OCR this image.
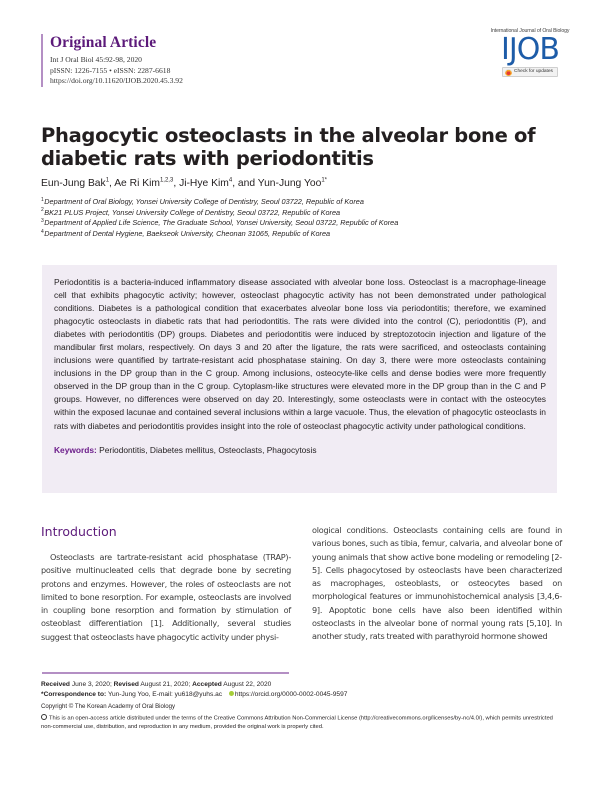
Original Article
Int J Oral Biol 45:92-98, 2020
pISSN: 1226-7155 • eISSN: 2287-6618
https://doi.org/10.11620/IJOB.2020.45.3.92
International Journal of Oral Biology
IJOB
Check for updates
Phagocytic osteoclasts in the alveolar bone of diabetic rats with periodontitis
Eun-Jung Bak$^1$, Ae Ri Kim$^{1,2,3}$, Ji-Hye Kim$^4$, and Yun-Jung Yoo$^{1*}$
$^1$Department of Oral Biology, Yonsei University College of Dentistry, Seoul 03722, Republic of Korea
$^2$BK21 PLUS Project, Yonsei University College of Dentistry, Seoul 03722, Republic of Korea
$^3$Department of Applied Life Science, The Graduate School, Yonsei University, Seoul 03722, Republic of Korea
$^4$Department of Dental Hygiene, Baekseok University, Cheonan 31065, Republic of Korea

Periodontitis is a bacteria-induced inflammatory disease associated with alveolar bone loss. Osteoclast is a macrophage-lineage cell that exhibits phagocytic activity; however, osteoclast phagocytic activity has not been demonstrated under pathological conditions. Diabetes is a pathological condition that exacerbates alveolar bone loss via periodontitis; therefore, we examined phagocytic osteoclasts in diabetic rats that had periodontitis. The rats were divided into the control (C), periodontitis (P), and diabetes with periodontitis (DP) groups. Diabetes and periodontitis were induced by streptozotocin injection and ligature of the mandibular first molars, respectively. On days 3 and 20 after the ligature, the rats were sacrificed, and osteoclasts containing inclusions were quantified by tartrate-resistant acid phosphatase staining. On day 3, there were more osteoclasts containing inclusions in the DP group than in the C group. Among inclusions, osteocyte-like cells and dense bodies were more frequently observed in the DP group than in the C group. Cytoplasm-like structures were elevated more in the DP group than in the C and P groups. However, no differences were observed on day 20. Interestingly, some osteoclasts were in contact with the osteocytes within the exposed lacunae and contained several inclusions within a large vacuole. Thus, the elevation of phagocytic osteoclasts in rats with diabetes and periodontitis provides insight into the role of osteoclast phagocytic activity under pathological conditions.

Keywords: Periodontitis, Diabetes mellitus, Osteoclasts, Phagocytosis

Introduction

Osteoclasts are tartrate-resistant acid phosphatase (TRAP)-positive multinucleated cells that degrade bone by secreting protons and enzymes. However, the roles of osteoclasts are not limited to bone resorption. For example, osteoclasts are involved in coupling bone resorption and formation by stimulation of osteoblast differentiation [1]. Additionally, several studies suggest that osteoclasts have phagocytic activity under physi-

ological conditions. Osteoclasts containing cells are found in various bones, such as tibia, femur, calvaria, and alveolar bone of young animals that show active bone modeling or remodeling [2-5]. Cells phagocytosed by osteoclasts have been characterized as macrophages, osteoblasts, or osteocytes based on morphological features or immunohistochemical analysis [3,4,6-9]. Apoptotic bone cells have also been identified within osteoclasts in the alveolar bone of normal young rats [5,10]. In another study, rats treated with parathyroid hormone showed

Received June 3, 2020; Revised August 21, 2020; Accepted August 22, 2020
*Correspondence to: Yun-Jung Yoo, E-mail: yu618@yuhs.ac https://orcid.org/0000-0002-0045-9597
Copyright © The Korean Academy of Oral Biology
This is an open-access article distributed under the terms of the Creative Commons Attribution Non-Commercial License (http://creativecommons.org/licenses/by-nc/4.0/), which permits unrestricted non-commercial use, distribution, and reproduction in any medium, provided the original work is properly cited.
